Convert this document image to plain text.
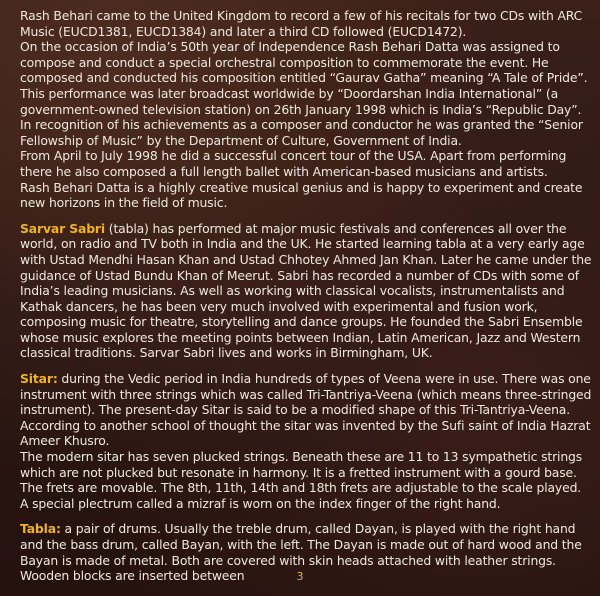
Rash Behari came to the United Kingdom to record a few of his recitals for two CDs with ARC Music (EUCD1381, EUCD1384) and later a third CD followed (EUCD1472).

On the occasion of India’s 50th year of Independence Rash Behari Datta was assigned to compose and conduct a special orchestral composition to commemorate the event. He composed and conducted his composition entitled “Gaurav Gatha” meaning “A Tale of Pride”.

This performance was later broadcast worldwide by “Doordarshan India International” (a government-owned television station) on 26th January 1998 which is India’s “Republic Day”.

In recognition of his achievements as a composer and conductor he was granted the “Senior Fellowship of Music” by the Department of Culture, Government of India.

From April to July 1998 he did a successful concert tour of the USA. Apart from performing there he also composed a full length ballet with American-based musicians and artists.

Rash Behari Datta is a highly creative musical genius and is happy to experiment and create new horizons in the field of music.

Sarvar Sabri (tabla) has performed at major music festivals and conferences all over the world, on radio and TV both in India and the UK. He started learning tabla at a very early age with Ustad Mendhi Hasan Khan and Ustad Chhotey Ahmed Jan Khan. Later he came under the guidance of Ustad Bundu Khan of Meerut. Sabri has recorded a number of CDs with some of India’s leading musicians. As well as working with classical vocalists, instrumentalists and Kathak dancers, he has been very much involved with experimental and fusion work, composing music for theatre, storytelling and dance groups. He founded the Sabri Ensemble whose music explores the meeting points between Indian, Latin American, Jazz and Western classical traditions. Sarvar Sabri lives and works in Birmingham, UK.

Sitar: during the Vedic period in India hundreds of types of Veena were in use. There was one instrument with three strings which was called Tri-Tantriya-Veena (which means three-stringed instrument). The present-day Sitar is said to be a modified shape of this Tri-Tantriya-Veena.

According to another school of thought the sitar was invented by the Sufi saint of India Hazrat Ameer Khusro.

The modern sitar has seven plucked strings. Beneath these are 11 to 13 sympathetic strings which are not plucked but resonate in harmony. It is a fretted instrument with a gourd base. The frets are movable. The 8th, 11th, 14th and 18th frets are adjustable to the scale played.

A special plectrum called a mizraf is worn on the index finger of the right hand.

Tabla: a pair of drums. Usually the treble drum, called Dayan, is played with the right hand and the bass drum, called Bayan, with the left. The Dayan is made out of hard wood and the Bayan is made of metal. Both are covered with skin heads attached with leather strings. Wooden blocks are inserted between	3
